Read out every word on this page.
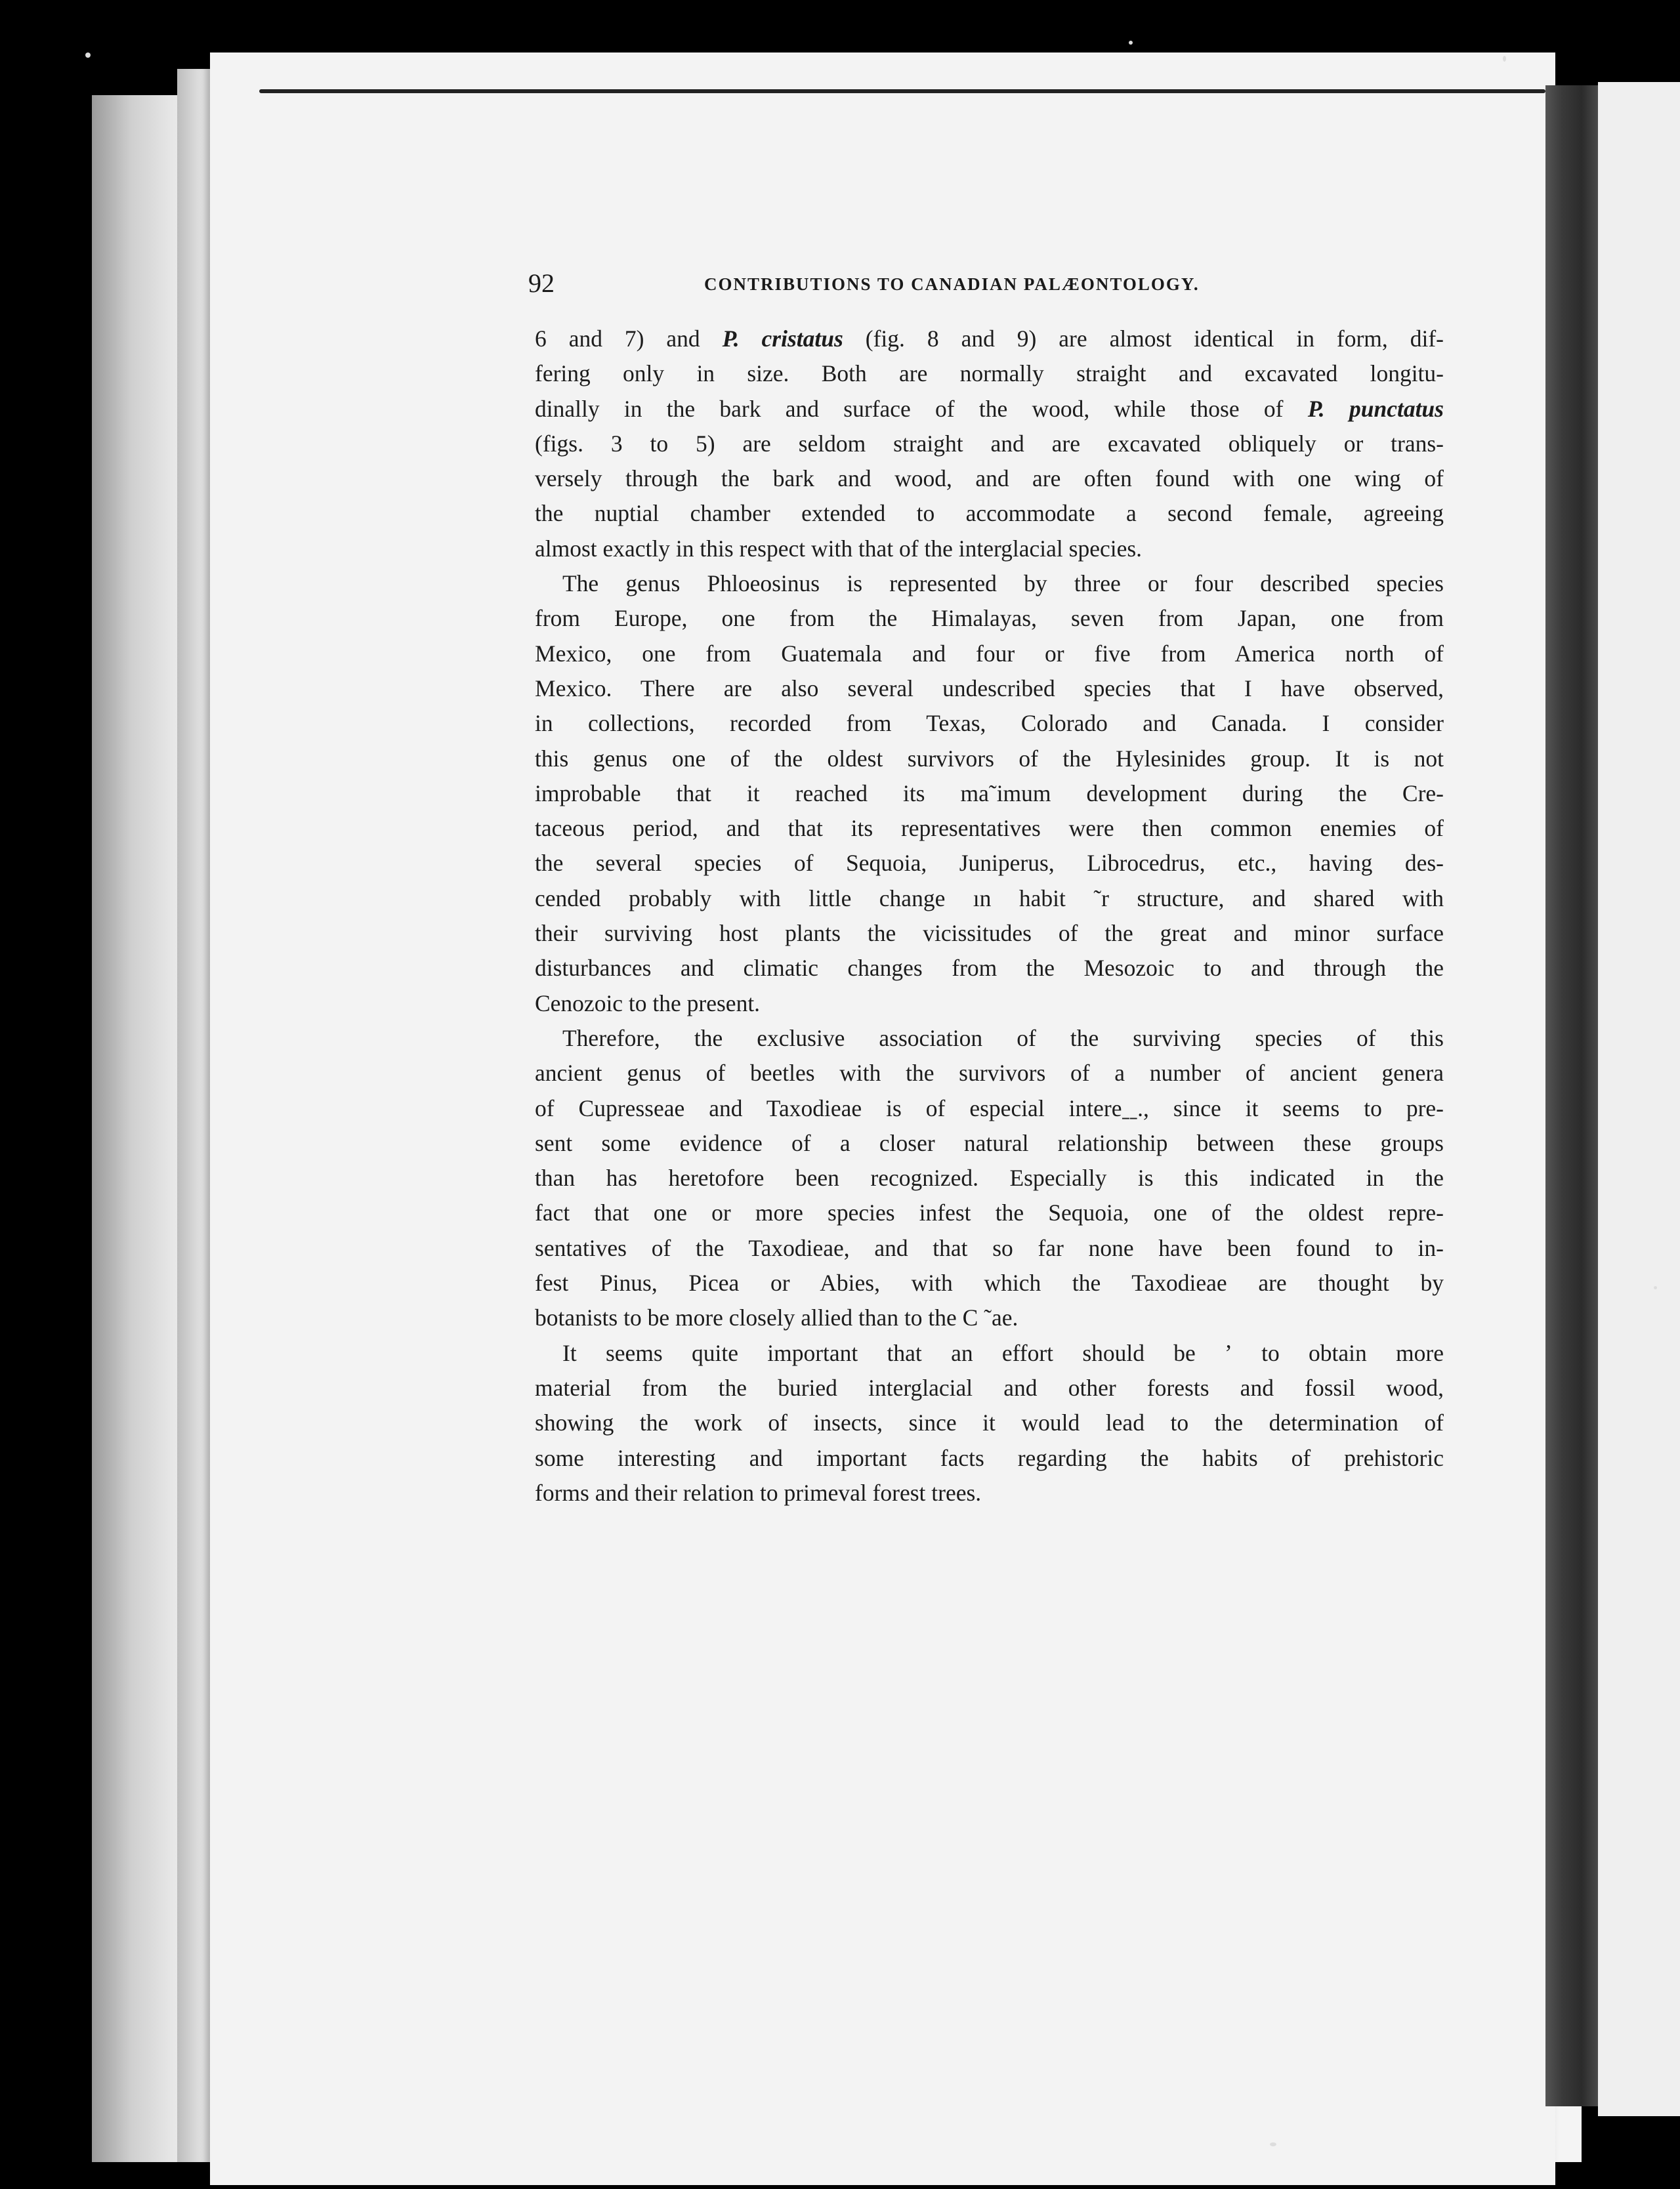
92	CONTRIBUTIONS TO CANADIAN PALÆONTOLOGY.
6 and 7) and P. cristatus (fig. 8 and 9) are almost identical in form, dif-
fering only in size. Both are normally straight and excavated longitu-
dinally in the bark and surface of the wood, while those of P. punctatus
(figs. 3 to 5) are seldom straight and are excavated obliquely or trans-
versely through the bark and wood, and are often found with one wing of
the nuptial chamber extended to accommodate a second female, agreeing
almost exactly in this respect with that of the interglacial species.
The genus Phloeosinus is represented by three or four described species
from Europe, one from the Himalayas, seven from Japan, one from
Mexico, one from Guatemala and four or five from America north of
Mexico. There are also several undescribed species that I have observed,
in collections, recorded from Texas, Colorado and Canada. I consider
this genus one of the oldest survivors of the Hylesinides group. It is not
improbable that it reached its ma˜imum development during the Cre-
taceous period, and that its representatives were then common enemies of
the several species of Sequoia, Juniperus, Librocedrus, etc., having des-
cended probably with little change ın habit ˜r structure, and shared with
their surviving host plants the vicissitudes of the great and minor surface
disturbances and climatic changes from the Mesozoic to and through the
Cenozoic to the present.
Therefore, the exclusive association of the surviving species of this
ancient genus of beetles with the survivors of a number of ancient genera
of Cupresseae and Taxodieae is of especial intereˍˍ., since it seems to pre-
sent some evidence of a closer natural relationship between these groups
than has heretofore been recognized. Especially is this indicated in the
fact that one or more species infest the Sequoia, one of the oldest repre-
sentatives of the Taxodieae, and that so far none have been found to in-
fest Pinus, Picea or Abies, with which the Taxodieae are thought by
botanists to be more closely allied than to the C ˜ae.
It seems quite important that an effort should be ʼ to obtain more
material from the buried interglacial and other forests and fossil wood,
showing the work of insects, since it would lead to the determination of
some interesting and important facts regarding the habits of prehistoric
forms and their relation to primeval forest trees.
